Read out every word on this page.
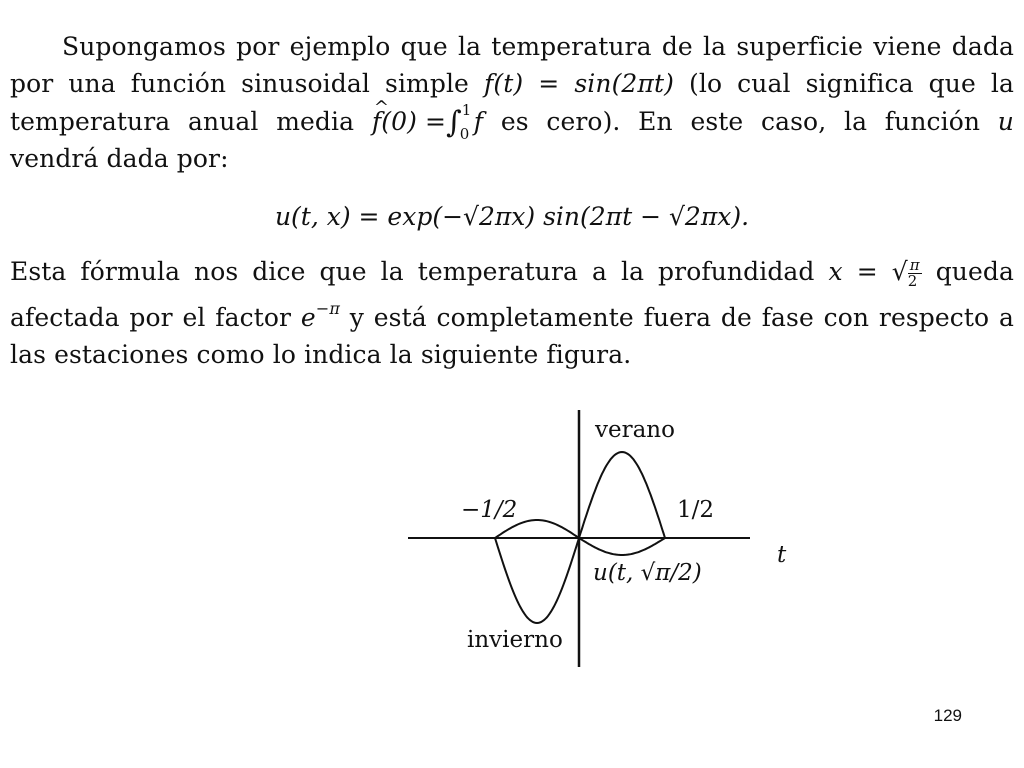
Supongamos por ejemplo que la temperatura de la superficie viene dada
por una función sinusoidal simple f(t) = sin(2πt) (lo cual significa que la
temperatura anual media ^ f(0) =∫ 1
0 f es cero). En este caso, la función u
vendrá dada por:
u(t, x) = exp(−√2πx) sin(2πt − √2πx).
Esta fórmula nos dice que la temperatura a la profundidad x = √ $\frac{\pi}{2}$ queda
afectada por el factor $e^{-\pi}$ y está completamente fuera de fase con respecto a
las estaciones como lo indica la siguiente figura.
verano
invierno
−1/2	1/2
t
u(t, √π/2)
129
